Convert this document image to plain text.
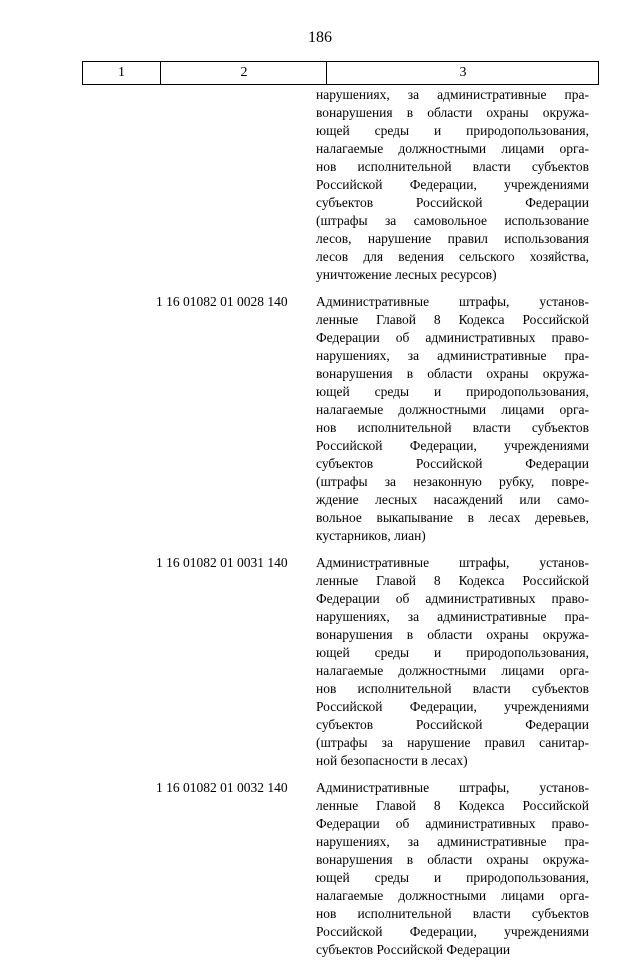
186
1	2	3
нарушениях, за административные пра-
вонарушения в области охраны окружа-
ющей среды и природопользования,
налагаемые должностными лицами орга-
нов исполнительной власти субъектов
Российской Федерации, учреждениями
субъектов Российской Федерации
(штрафы за самовольное использование
лесов, нарушение правил использования
лесов для ведения сельского хозяйства,
уничтожение лесных ресурсов)
1 16 01082 01 0028 140	Административные штрафы, установ-
ленные Главой 8 Кодекса Российской
Федерации об административных право-
нарушениях, за административные пра-
вонарушения в области охраны окружа-
ющей среды и природопользования,
налагаемые должностными лицами орга-
нов исполнительной власти субъектов
Российской Федерации, учреждениями
субъектов Российской Федерации
(штрафы за незаконную рубку, повре-
ждение лесных насаждений или само-
вольное выкапывание в лесах деревьев,
кустарников, лиан)
1 16 01082 01 0031 140	Административные штрафы, установ-
ленные Главой 8 Кодекса Российской
Федерации об административных право-
нарушениях, за административные пра-
вонарушения в области охраны окружа-
ющей среды и природопользования,
налагаемые должностными лицами орга-
нов исполнительной власти субъектов
Российской Федерации, учреждениями
субъектов Российской Федерации
(штрафы за нарушение правил санитар-
ной безопасности в лесах)
1 16 01082 01 0032 140	Административные штрафы, установ-
ленные Главой 8 Кодекса Российской
Федерации об административных право-
нарушениях, за административные пра-
вонарушения в области охраны окружа-
ющей среды и природопользования,
налагаемые должностными лицами орга-
нов исполнительной власти субъектов
Российской Федерации, учреждениями
субъектов Российской Федерации
